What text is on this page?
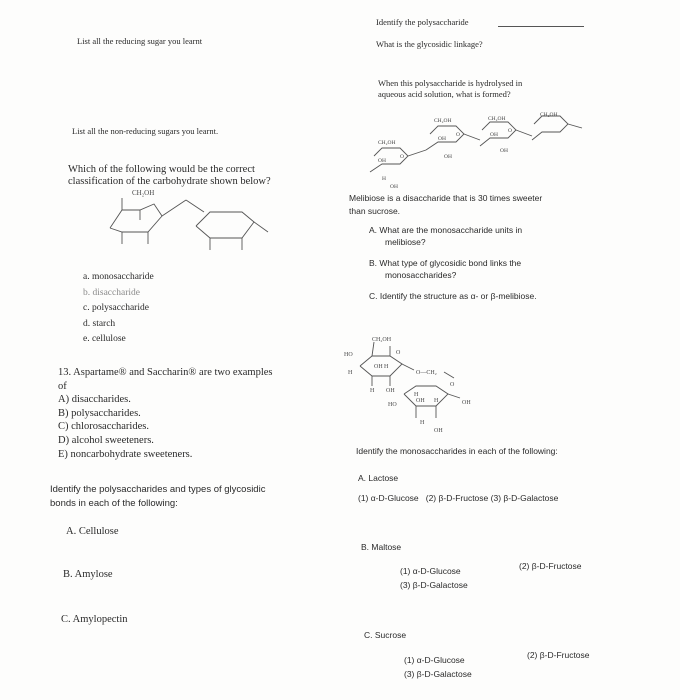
List all the reducing sugar you learnt
List all the non-reducing sugars you learnt.
Which of the following would be the correct
classification of the carbohydrate shown below?
CH₂OH
a. monosaccharide
b. disaccharide
c. polysaccharide
d. starch
e. cellulose
13. Aspartame® and Saccharin® are two examples
of
A) disaccharides.
B) polysaccharides.
C) chlorosaccharides.
D) alcohol sweeteners.
E) noncarbohydrate sweeteners.
Identify the polysaccharides and types of glycosidic
bonds in each of the following:
A. Cellulose
B. Amylose
C. Amylopectin
Identify the polysaccharide
What is the glycosidic linkage?
When this polysaccharide is hydrolysed in
aqueous acid solution, what is formed?
CH₂OH
CH₂OH	CH₂OH
CH₂OH
O
O
O
OH
OH
OH
H
OH
OH
OH
Melibiose is a disaccharide that is 30 times sweeter
than sucrose.
A. What are the monosaccharide units in
melibiose?
B. What type of glycosidic bond links the
monosaccharides?
C. Identify the structure as α- or β-melibiose.
CH₂OH
HO
H
O
OH H
H OH
O—CH₂
O
H
OH
HO
H	OH
H
OH
Identify the monosaccharides in each of the following:
A. Lactose
(1) α-D-Glucose (2) β-D-Fructose (3) β-D-Galactose
B. Maltose
(1) α-D-Glucose
(3) β-D-Galactose
(2) β-D-Fructose
C. Sucrose
(1) α-D-Glucose
(3) β-D-Galactose
(2) β-D-Fructose
